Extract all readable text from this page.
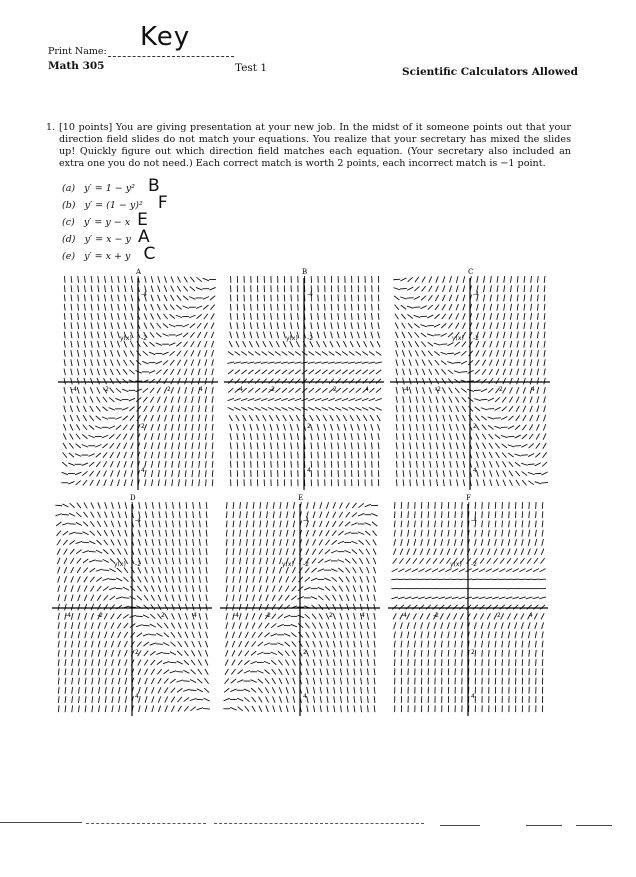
Print Name: Key
Math 305	Test 1	Scientific Calculators Allowed
1. [10 points] You are giving presentation at your new job. In the midst of it someone points out that your direction field slides do not match your equations. You realize that your secretary has mixed the slides up! Quickly figure out which direction field matches each equation. (Your secretary also included an extra one you do not need.) Each correct match is worth 2 points, each incorrect match is −1 point.
(a) y′ = 1 − y² B
(b) y′ = (1 − y)² F
(c) y′ = y − x E
(d) y′ = x − y A
(e) y′ = x + y C
A
-4
4
-2
2
2
-2
4
-4
y(x)
B
-4
4
-2
2
2
-2
4
-4
y(x)
C
-4
4
-2
2
2
-2
4
-4
y(x)
D
-4
4
-2
2
2
-2
4
-4
y(x)
E
-4
4
-2
2
2
-2
4
-4
y(x)
F
-4
4
-2
2
2
-2
4
-4
y(x)
